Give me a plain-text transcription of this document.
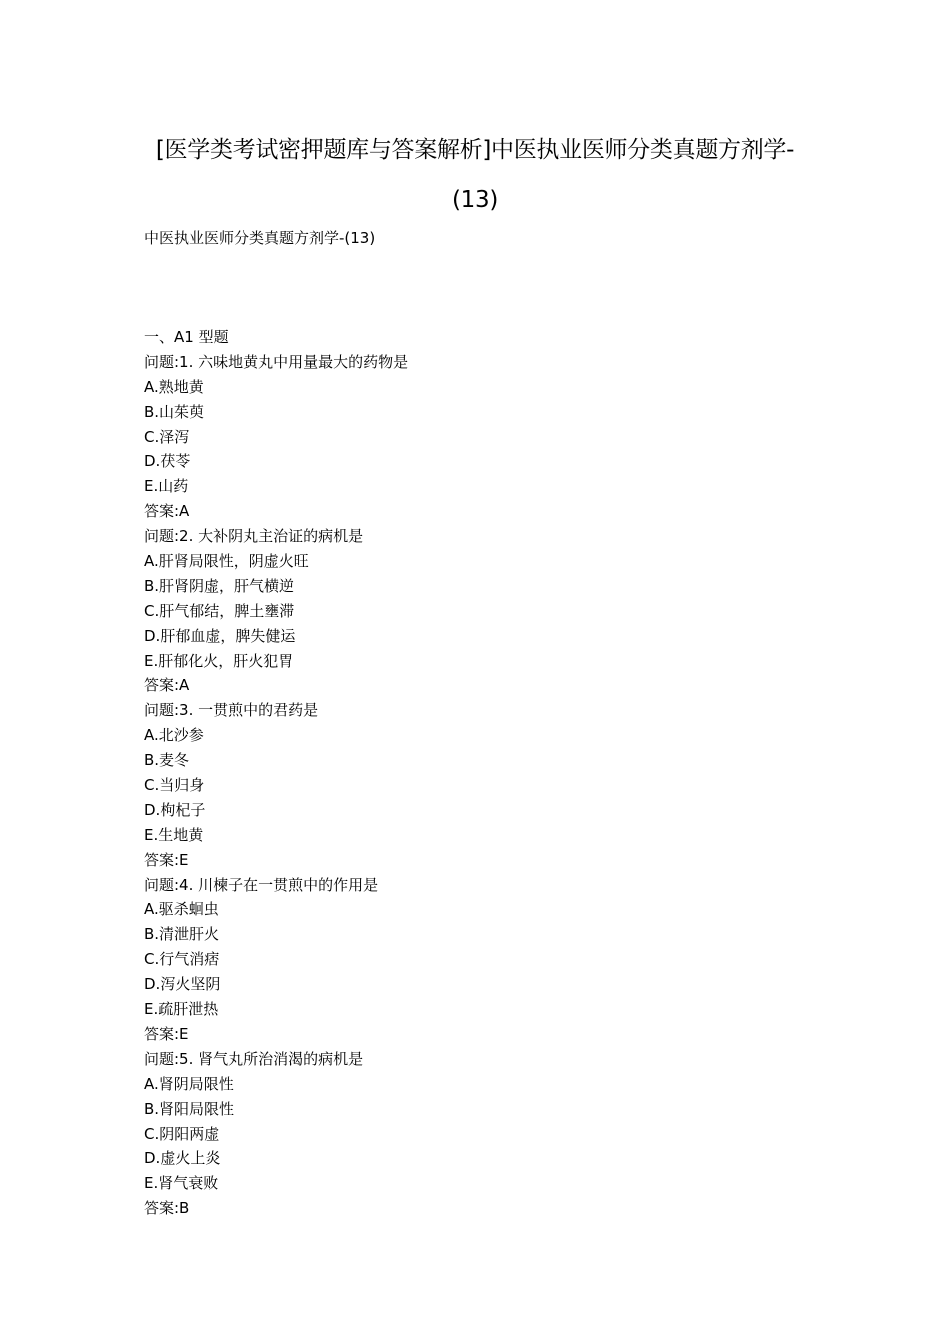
[医学类考试密押题库与答案解析]中医执业医师分类真题方剂学-
(13)
中医执业医师分类真题方剂学-(13)
一、A1 型题
问题:1. 六味地黄丸中用量最大的药物是
A.熟地黄
B.山茱萸
C.泽泻
D.茯苓
E.山药
答案:A
问题:2. 大补阴丸主治证的病机是
A.肝肾局限性，阴虚火旺
B.肝肾阴虚，肝气横逆
C.肝气郁结，脾土壅滞
D.肝郁血虚，脾失健运
E.肝郁化火，肝火犯胃
答案:A
问题:3. 一贯煎中的君药是
A.北沙参
B.麦冬
C.当归身
D.枸杞子
E.生地黄
答案:E
问题:4. 川楝子在一贯煎中的作用是
A.驱杀蛔虫
B.清泄肝火
C.行气消痞
D.泻火坚阴
E.疏肝泄热
答案:E
问题:5. 肾气丸所治消渴的病机是
A.肾阴局限性
B.肾阳局限性
C.阴阳两虚
D.虚火上炎
E.肾气衰败
答案:B
